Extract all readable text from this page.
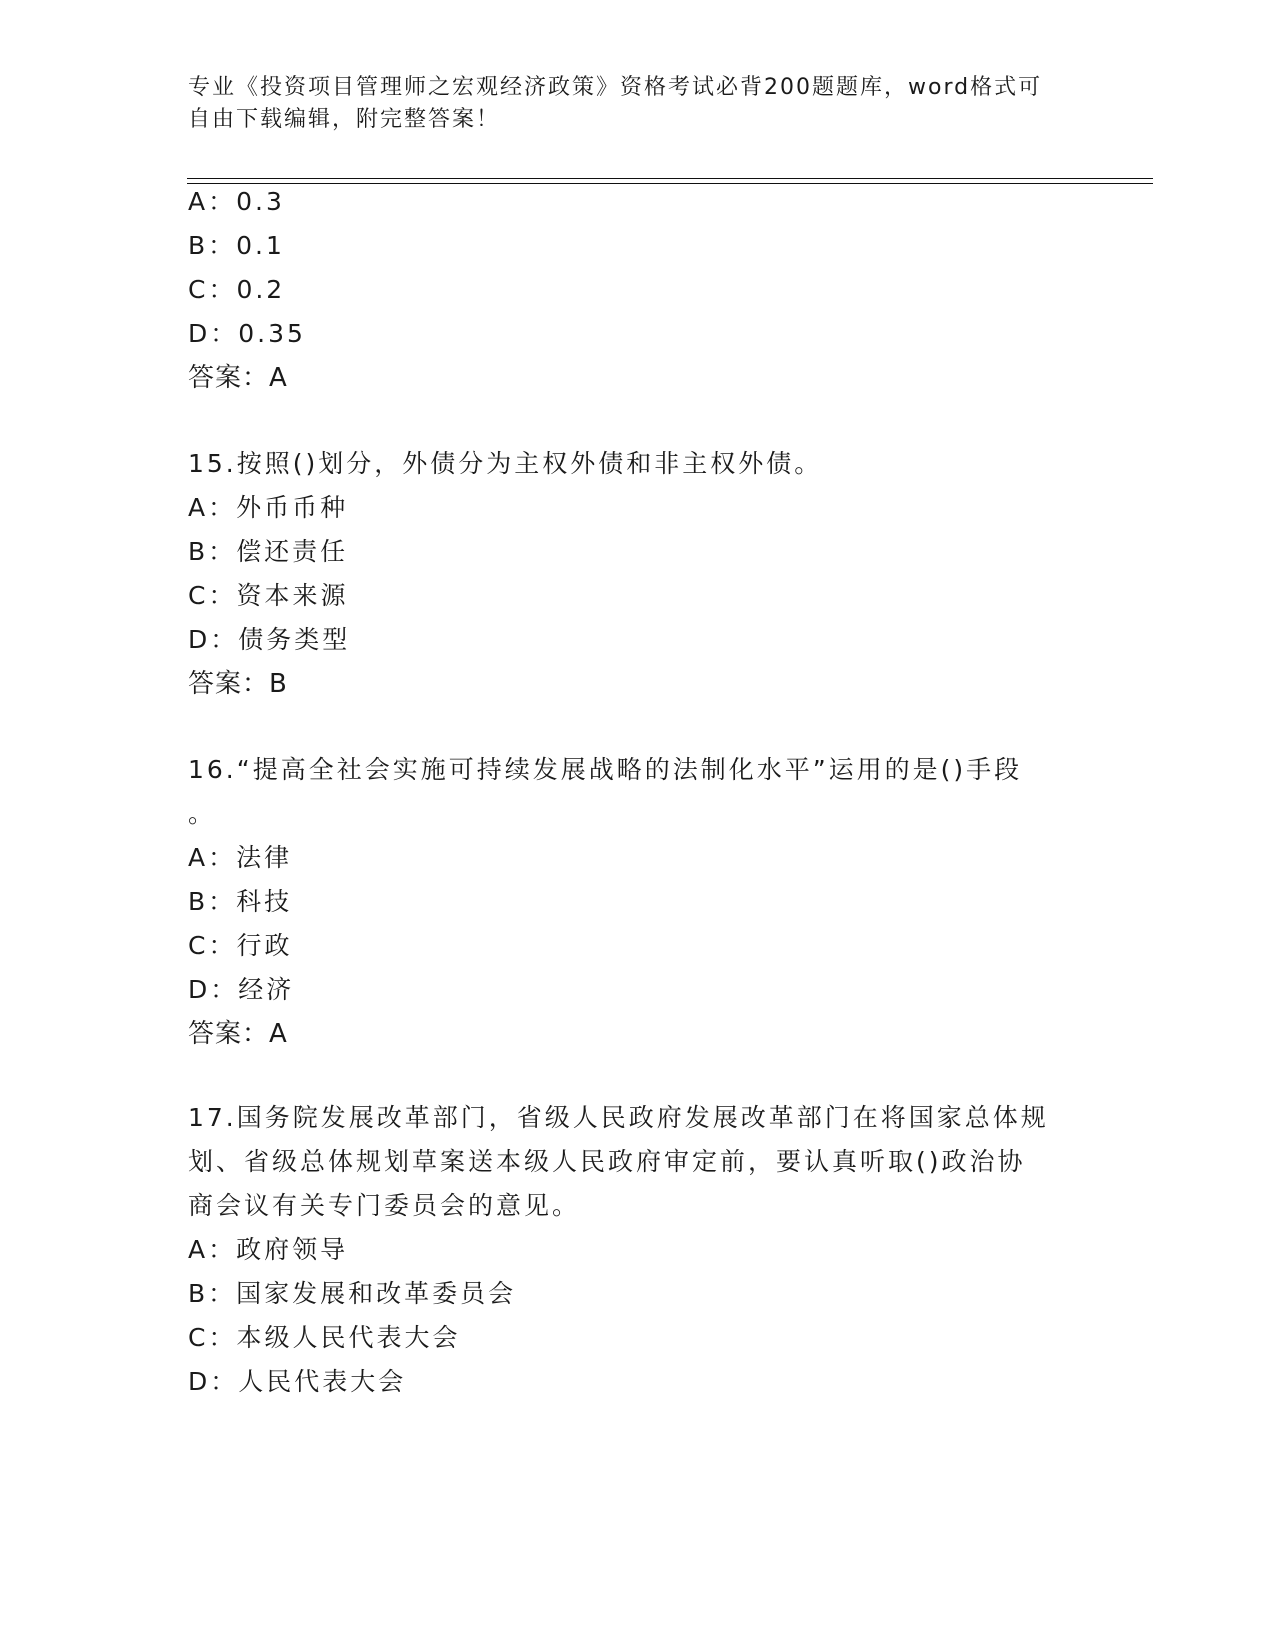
专业《投资项目管理师之宏观经济政策》资格考试必背200题题库，word格式可
自由下载编辑，附完整答案！
A：0.3
B：0.1
C：0.2
D：0.35
答案：A
15.按照()划分，外债分为主权外债和非主权外债。
A：外币币种
B：偿还责任
C：资本来源
D：债务类型
答案：B
16.“提高全社会实施可持续发展战略的法制化水平”运用的是()手段
。
A：法律
B：科技
C：行政
D：经济
答案：A
17.国务院发展改革部门，省级人民政府发展改革部门在将国家总体规
划、省级总体规划草案送本级人民政府审定前，要认真听取()政治协
商会议有关专门委员会的意见。
A：政府领导
B：国家发展和改革委员会
C：本级人民代表大会
D：人民代表大会
